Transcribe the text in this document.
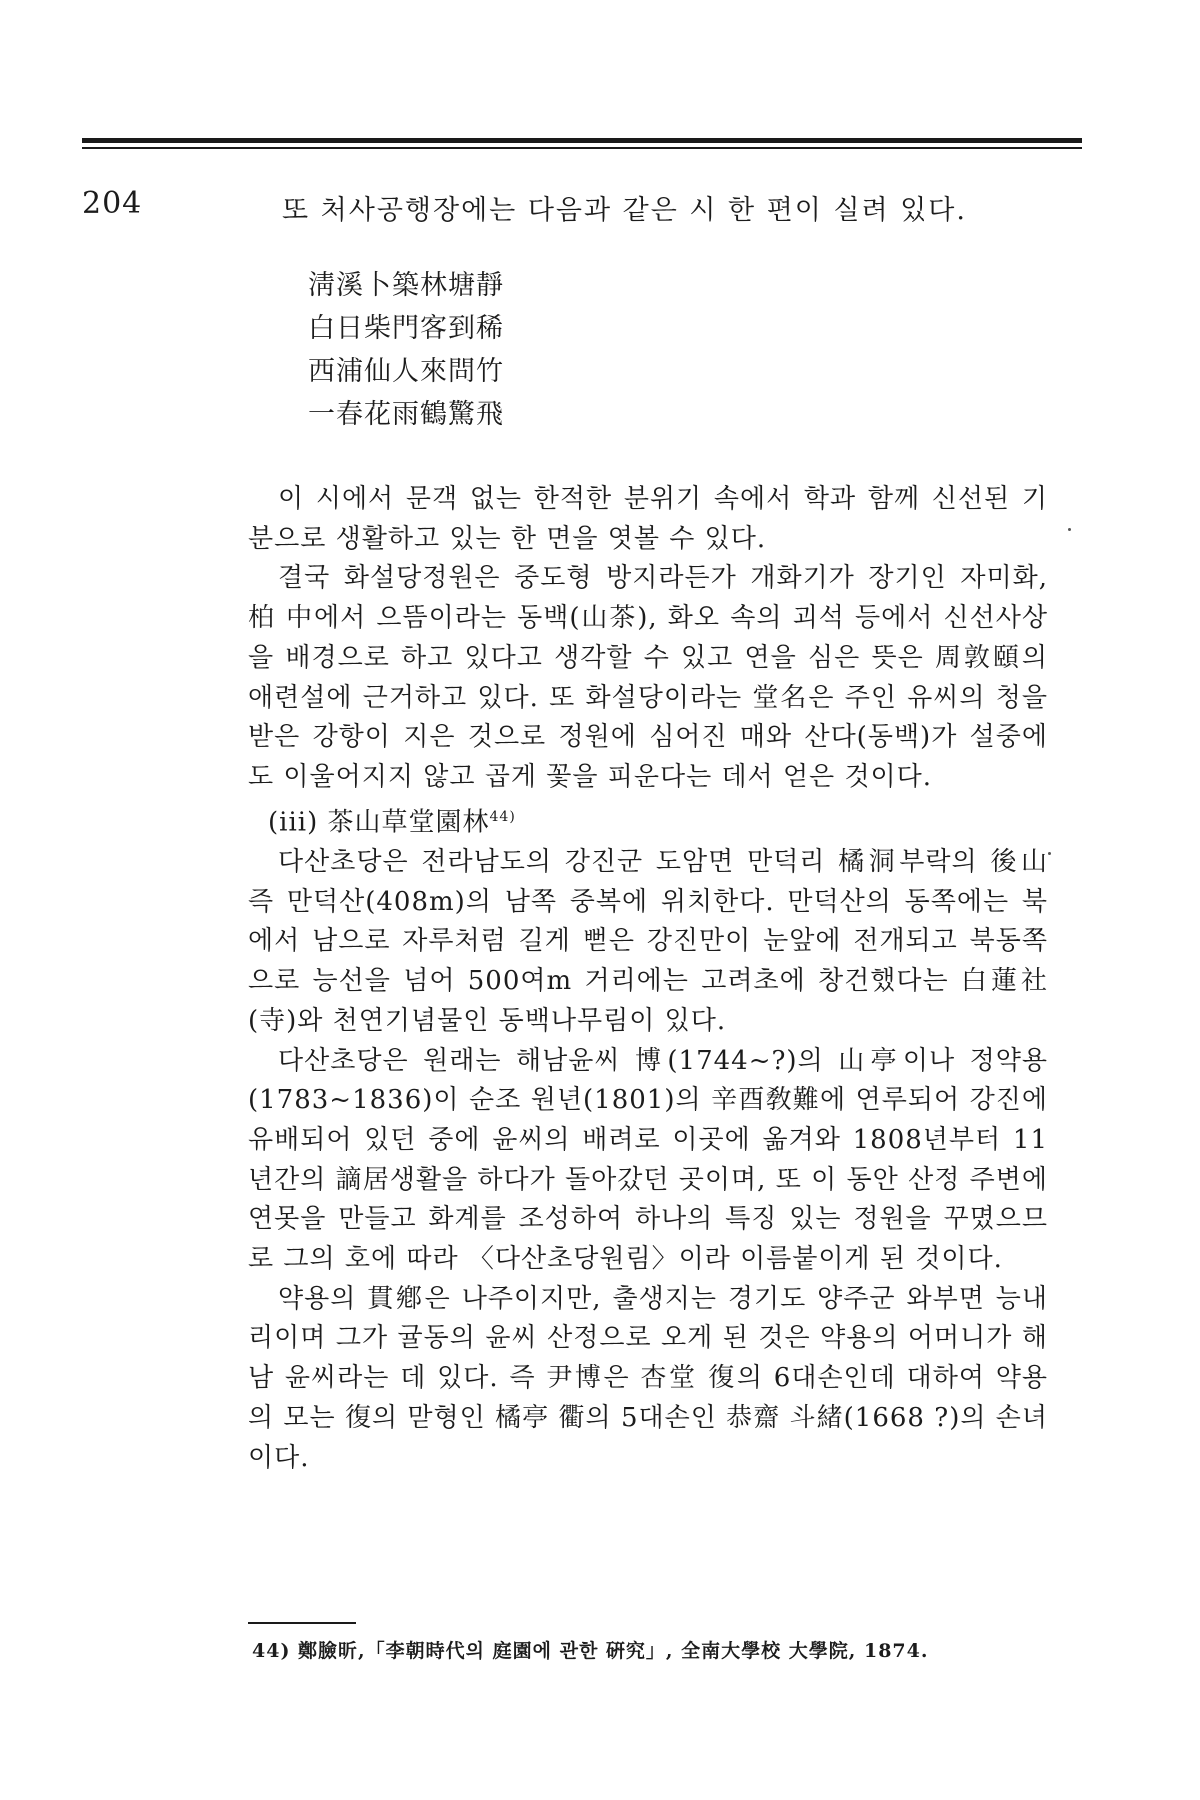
204	또 처사공행장에는 다음과 같은 시 한 편이 실려 있다.
淸溪卜築林塘靜
白日柴門客到稀
西浦仙人來問竹
一春花雨鶴驚飛

이 시에서 문객 없는 한적한 분위기 속에서 학과 함께 신선된 기분으로 생활하고 있는 한 면을 엿볼 수 있다.

결국 화설당정원은 중도형 방지라든가 개화기가 장기인 자미화, 柏 中에서 으뜸이라는 동백(山茶), 화오 속의 괴석 등에서 신선사상을 배경으로 하고 있다고 생각할 수 있고 연을 심은 뜻은 周敦頤의 애련설에 근거하고 있다. 또 화설당이라는 堂名은 주인 유씨의 청을 받은 강항이 지은 것으로 정원에 심어진 매와 산다(동백)가 설중에도 이울어지지 않고 곱게 꽃을 피운다는 데서 얻은 것이다.

(iii) 茶山草堂園林$^{44)}$

다산초당은 전라남도의 강진군 도암면 만덕리 橘洞부락의 後山 즉 만덕산(408m)의 남쪽 중복에 위치한다. 만덕산의 동쪽에는 북에서 남으로 자루처럼 길게 뻗은 강진만이 눈앞에 전개되고 북동쪽으로 능선을 넘어 500여m 거리에는 고려초에 창건했다는 白蓮社(寺)와 천연기념물인 동백나무림이 있다.

다산초당은 원래는 해남윤씨 博(1744~?)의 山亭이나 정약용(1783~1836)이 순조 원년(1801)의 辛酉敎難에 연루되어 강진에 유배되어 있던 중에 윤씨의 배려로 이곳에 옮겨와 1808년부터 11년간의 謫居생활을 하다가 돌아갔던 곳이며, 또 이 동안 산정 주변에 연못을 만들고 화계를 조성하여 하나의 특징 있는 정원을 꾸몄으므로 그의 호에 따라 〈다산초당원림〉이라 이름붙이게 된 것이다.

약용의 貫鄕은 나주이지만, 출생지는 경기도 양주군 와부면 능내리이며 그가 귤동의 윤씨 산정으로 오게 된 것은 약용의 어머니가 해남 윤씨라는 데 있다. 즉 尹博은 杏堂 復의 6대손인데 대하여 약용의 모는 復의 맏형인 橘亭 衢의 5대손인 恭齋 斗緒(1668 ?)의 손녀이다.

44) 鄭臉昕,「李朝時代의 庭園에 관한 硏究」, 全南大學校 大學院, 1874.
